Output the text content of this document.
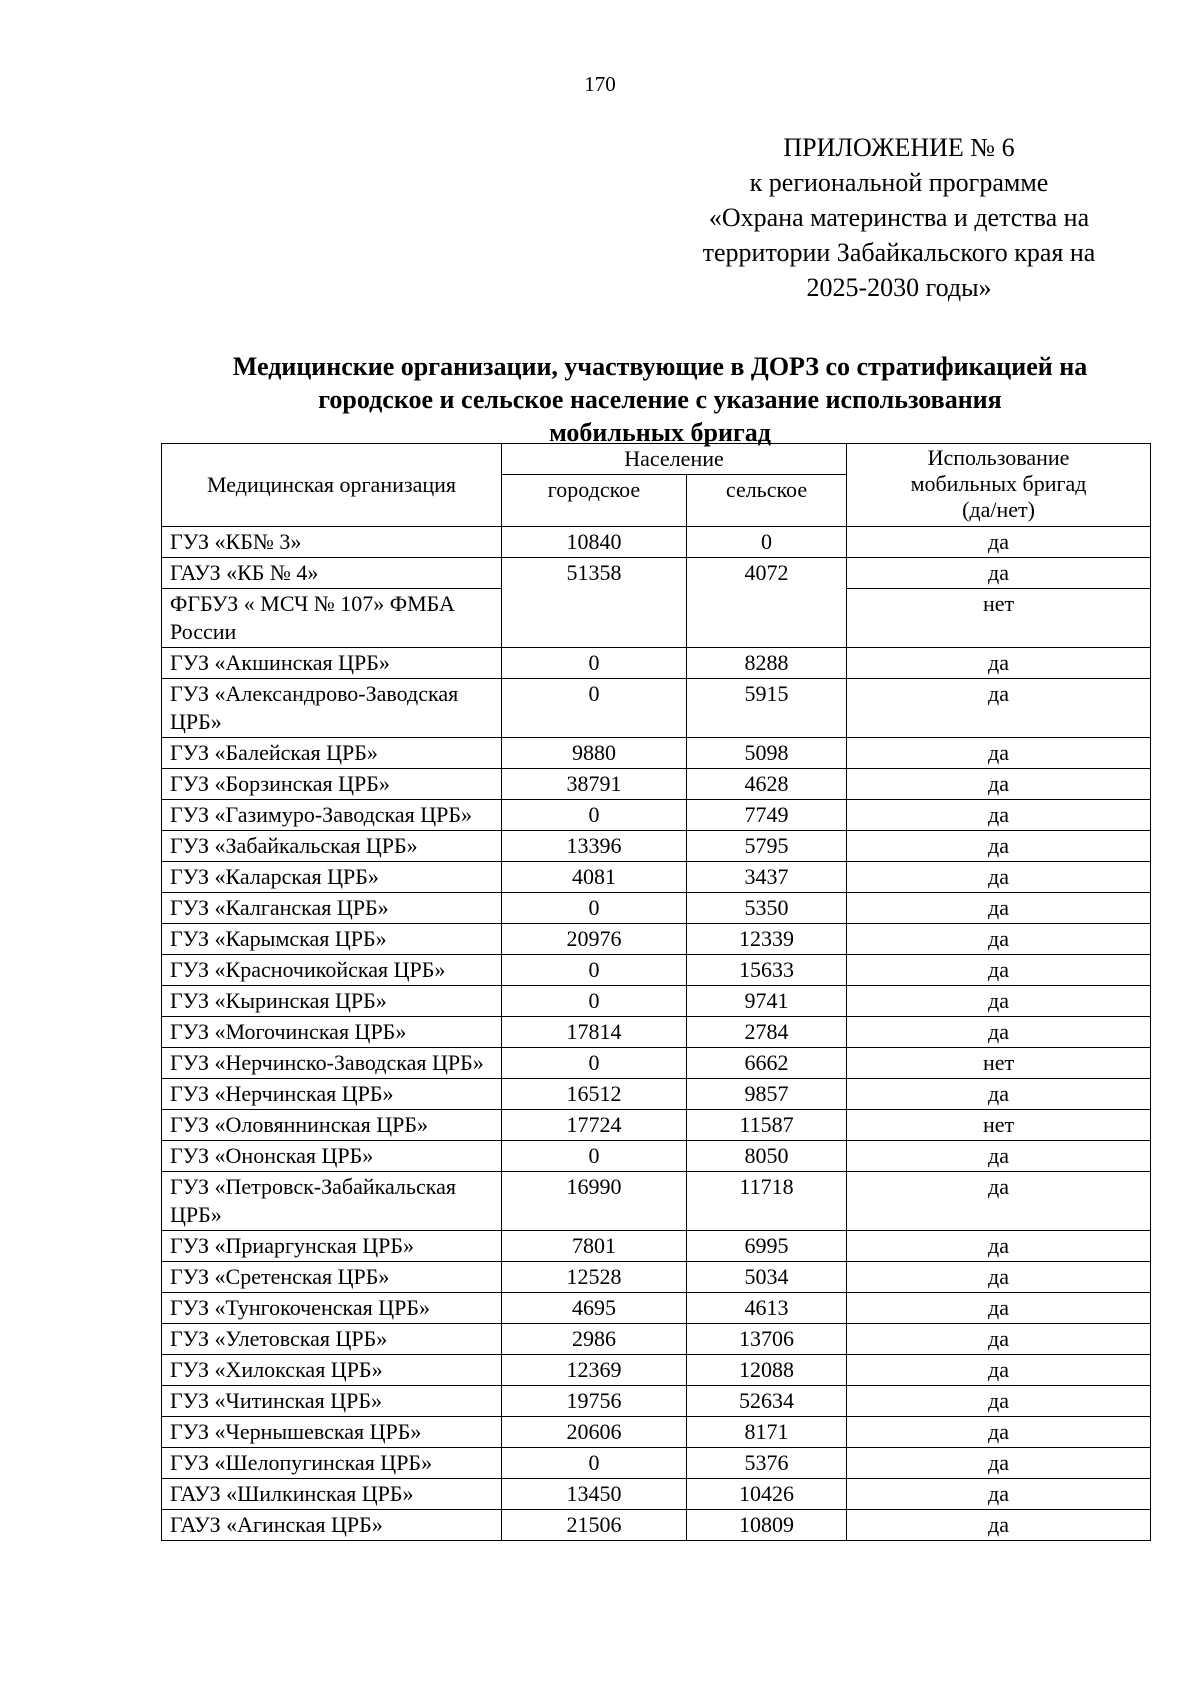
170
ПРИЛОЖЕНИЕ № 6
к региональной программе
«Охрана материнства и детства на
территории Забайкальского края на
2025-2030 годы»
Медицинские организации, участвующие в ДОРЗ со стратификацией на
городское и сельское население с указание использования
мобильных бригад
Медицинская организация	Население		Использование
мобильных бригад
(да/нет)

	городское	сельское	
ГУЗ «КБ№ 3»	10840	0	да
ГАУЗ «КБ № 4»	51358	4072	да
ФГБУЗ « МСЧ № 107» ФМБА России			нет
ГУЗ «Акшинская ЦРБ»	0	8288	да
ГУЗ «Александрово-Заводская ЦРБ»	0	5915	да
ГУЗ «Балейская ЦРБ»	9880	5098	да
ГУЗ «Борзинская ЦРБ»	38791	4628	да
ГУЗ «Газимуро-Заводская ЦРБ»	0	7749	да
ГУЗ «Забайкальская ЦРБ»	13396	5795	да
ГУЗ «Каларская ЦРБ»	4081	3437	да
ГУЗ «Калганская ЦРБ»	0	5350	да
ГУЗ «Карымская ЦРБ»	20976	12339	да
ГУЗ «Красночикойская ЦРБ»	0	15633	да
ГУЗ «Кыринская ЦРБ»	0	9741	да
ГУЗ «Могочинская ЦРБ»	17814	2784	да
ГУЗ «Нерчинско-Заводская ЦРБ»	0	6662	нет
ГУЗ «Нерчинская ЦРБ»	16512	9857	да
ГУЗ «Оловяннинская ЦРБ»	17724	11587	нет
ГУЗ «Ононская ЦРБ»	0	8050	да
ГУЗ «Петровск-Забайкальская ЦРБ»	16990	11718	да
ГУЗ «Приаргунская ЦРБ»	7801	6995	да
ГУЗ «Сретенская ЦРБ»	12528	5034	да
ГУЗ «Тунгокоченская ЦРБ»	4695	4613	да
ГУЗ «Улетовская ЦРБ»	2986	13706	да
ГУЗ «Хилокская ЦРБ»	12369	12088	да
ГУЗ «Читинская ЦРБ»	19756	52634	да
ГУЗ «Чернышевская ЦРБ»	20606	8171	да
ГУЗ «Шелопугинская ЦРБ»	0	5376	да
ГАУЗ «Шилкинская ЦРБ»	13450	10426	да
ГАУЗ «Агинская ЦРБ»	21506	10809	да
